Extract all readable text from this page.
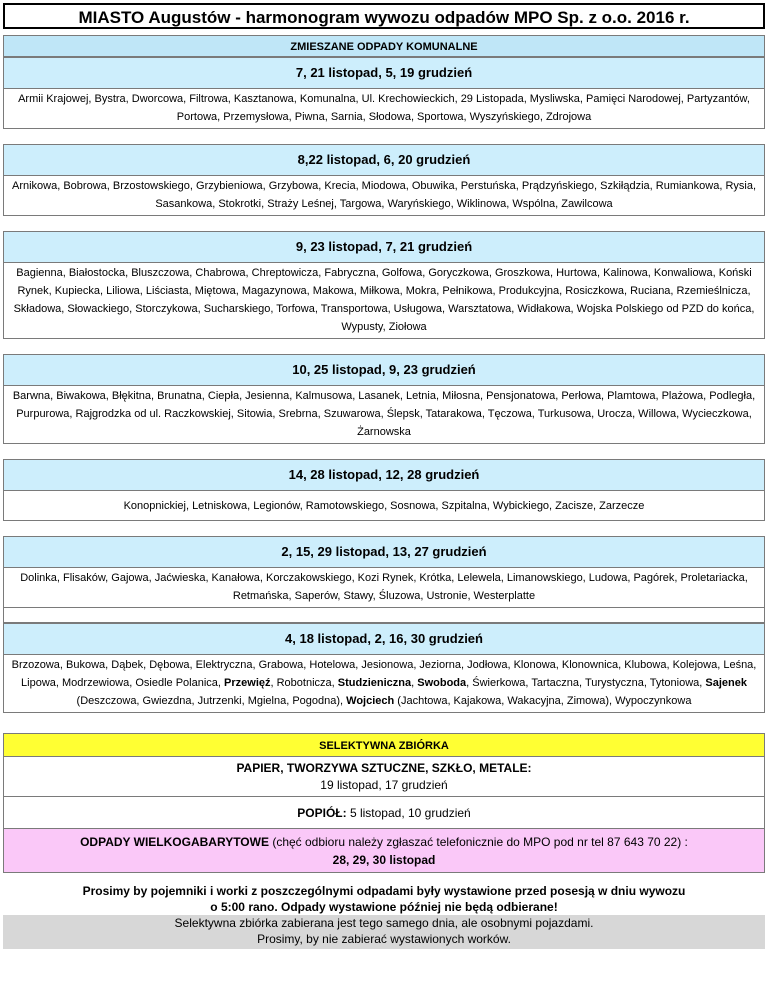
MIASTO Augustów - harmonogram wywozu odpadów MPO Sp. z o.o. 2016 r.
ZMIESZANE ODPADY KOMUNALNE
7, 21 listopad, 5, 19 grudzień
Armii Krajowej, Bystra, Dworcowa, Filtrowa, Kasztanowa, Komunalna, Ul. Krechowieckich, 29 Listopada, Mysliwska, Pamięci Narodowej, Partyzantów, Portowa, Przemysłowa, Piwna, Sarnia, Słodowa, Sportowa, Wyszyńskiego, Zdrojowa
8,22 listopad, 6, 20 grudzień
Arnikowa, Bobrowa, Brzostowskiego, Grzybieniowa, Grzybowa, Krecia, Miodowa, Obuwika, Perstuńska, Prądzyńskiego, Szkiłądzia, Rumiankowa, Rysia, Sasankowa, Stokrotki, Straży Leśnej, Targowa, Waryńskiego, Wiklinowa, Wspólna, Zawilcowa
9, 23 listopad, 7, 21 grudzień
Bagienna, Białostocka, Bluszczowa, Chabrowa, Chreptowicza, Fabryczna, Golfowa, Goryczkowa, Groszkowa, Hurtowa, Kalinowa, Konwaliowa, Koński Rynek, Kupiecka, Liliowa, Liściasta, Miętowa, Magazynowa, Makowa, Miłkowa, Mokra, Pełnikowa, Produkcyjna, Rosiczkowa, Ruciana, Rzemieślnicza, Składowa, Słowackiego, Storczykowa, Sucharskiego, Torfowa, Transportowa, Usługowa, Warsztatowa, Widłakowa, Wojska Polskiego od PZD do końca, Wypusty, Ziołowa
10, 25 listopad, 9, 23 grudzień
Barwna, Biwakowa, Błękitna, Brunatna, Ciepła, Jesienna, Kalmusowa, Lasanek, Letnia, Miłosna, Pensjonatowa, Perłowa, Plamtowa, Plażowa, Podległa, Purpurowa, Rajgrodzka od ul. Raczkowskiej, Sitowia, Srebrna, Szuwarowa, Ślepsk, Tatarakowa, Tęczowa, Turkusowa, Urocza, Willowa, Wycieczkowa, Żarnowska
14, 28 listopad, 12, 28 grudzień
Konopnickiej, Letniskowa, Legionów, Ramotowskiego, Sosnowa, Szpitalna, Wybickiego, Zacisze, Zarzecze
2, 15, 29 listopad, 13, 27 grudzień
Dolinka, Flisaków, Gajowa, Jaćwieska, Kanałowa, Korczakowskiego, Kozi Rynek, Krótka, Lelewela, Limanowskiego, Ludowa, Pagórek, Proletariacka, Retmańska, Saperów, Stawy, Śluzowa, Ustronie, Westerplatte
4, 18 listopad, 2, 16, 30 grudzień
Brzozowa, Bukowa, Dąbek, Dębowa, Elektryczna, Grabowa, Hotelowa, Jesionowa, Jeziorna, Jodłowa, Klonowa, Klonownica, Klubowa, Kolejowa, Leśna, Lipowa, Modrzewiowa, Osiedle Polanica, Przewięź, Robotnicza, Studzieniczna, Swoboda, Świerkowa, Tartaczna, Turystyczna, Tytoniowa, Sajenek (Deszczowa, Gwiezdna, Jutrzenki, Mgielna, Pogodna), Wojciech (Jachtowa, Kajakowa, Wakacyjna, Zimowa), Wypoczynkowa
SELEKTYWNA ZBIÓRKA
PAPIER, TWORZYWA SZTUCZNE, SZKŁO, METALE:
19 listopad, 17 grudzień
POPIÓŁ: 5 listopad, 10 grudzień
ODPADY WIELKOGABARYTOWE (chęć odbioru należy zgłaszać telefonicznie do MPO pod nr tel 87 643 70 22) :
28, 29, 30 listopad
Prosimy by pojemniki i worki z poszczególnymi odpadami były wystawione przed posesją w dniu wywozu
o 5:00 rano. Odpady wystawione później nie będą odbierane!
Selektywna zbiórka zabierana jest tego samego dnia, ale osobnymi pojazdami.
Prosimy, by nie zabierać wystawionych worków.
